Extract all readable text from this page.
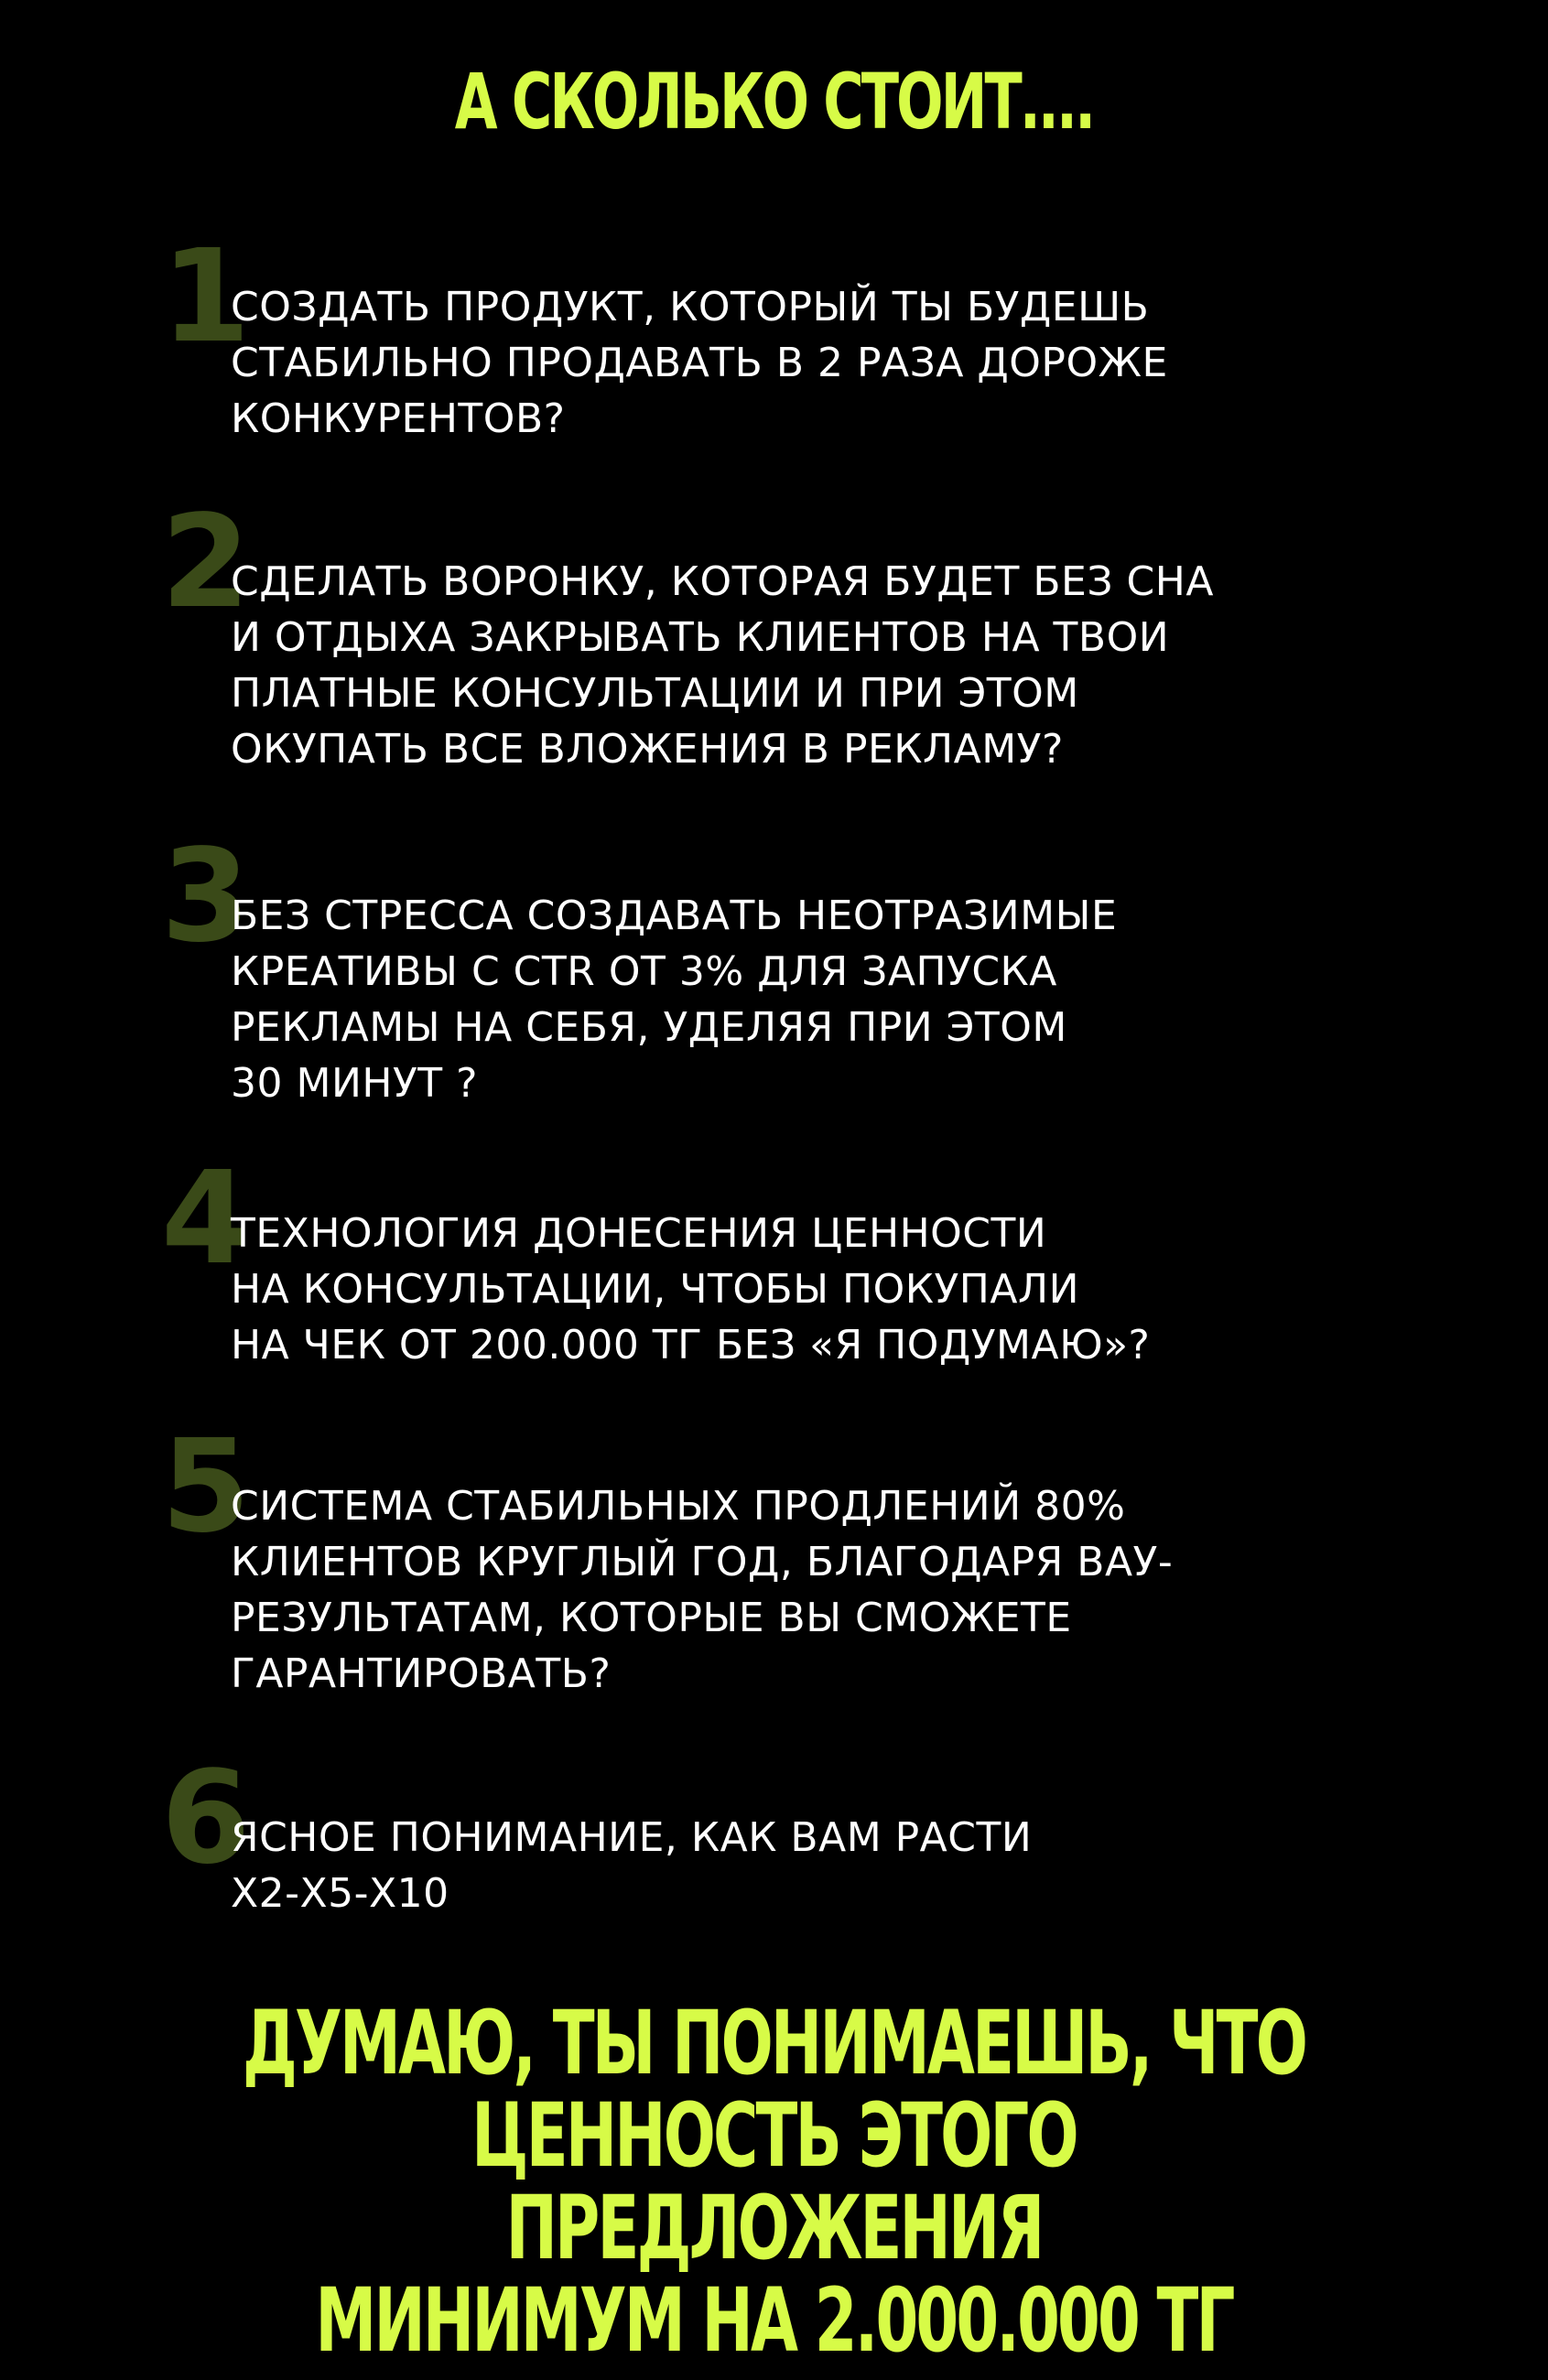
А СКОЛЬКО СТОИТ....
1
СОЗДАТЬ ПРОДУКТ, КОТОРЫЙ ТЫ БУДЕШЬ
СТАБИЛЬНО ПРОДАВАТЬ В 2 РАЗА ДОРОЖЕ
КОНКУРЕНТОВ?
2
СДЕЛАТЬ ВОРОНКУ, КОТОРАЯ БУДЕТ БЕЗ СНА
И ОТДЫХА ЗАКРЫВАТЬ КЛИЕНТОВ НА ТВОИ
ПЛАТНЫЕ КОНСУЛЬТАЦИИ И ПРИ ЭТОМ
ОКУПАТЬ ВСЕ ВЛОЖЕНИЯ В РЕКЛАМУ?
3
БЕЗ СТРЕССА СОЗДАВАТЬ НЕОТРАЗИМЫЕ
КРЕАТИВЫ С CTR ОТ 3% ДЛЯ ЗАПУСКА
РЕКЛАМЫ НА СЕБЯ, УДЕЛЯЯ ПРИ ЭТОМ
30 МИНУТ ?
4
ТЕХНОЛОГИЯ ДОНЕСЕНИЯ ЦЕННОСТИ
НА КОНСУЛЬТАЦИИ, ЧТОБЫ ПОКУПАЛИ
НА ЧЕК ОТ 200.000 ТГ БЕЗ «Я ПОДУМАЮ»?
5
СИСТЕМА СТАБИЛЬНЫХ ПРОДЛЕНИЙ 80%
КЛИЕНТОВ КРУГЛЫЙ ГОД, БЛАГОДАРЯ ВАУ-
РЕЗУЛЬТАТАМ, КОТОРЫЕ ВЫ СМОЖЕТЕ
ГАРАНТИРОВАТЬ?
6
ЯСНОЕ ПОНИМАНИЕ, КАК ВАМ РАСТИ
Х2-Х5-Х10
ДУМАЮ, ТЫ ПОНИМАЕШЬ, ЧТО
ЦЕННОСТЬ ЭТОГО ПРЕДЛОЖЕНИЯ
МИНИМУМ НА 2.000.000 ТГ
